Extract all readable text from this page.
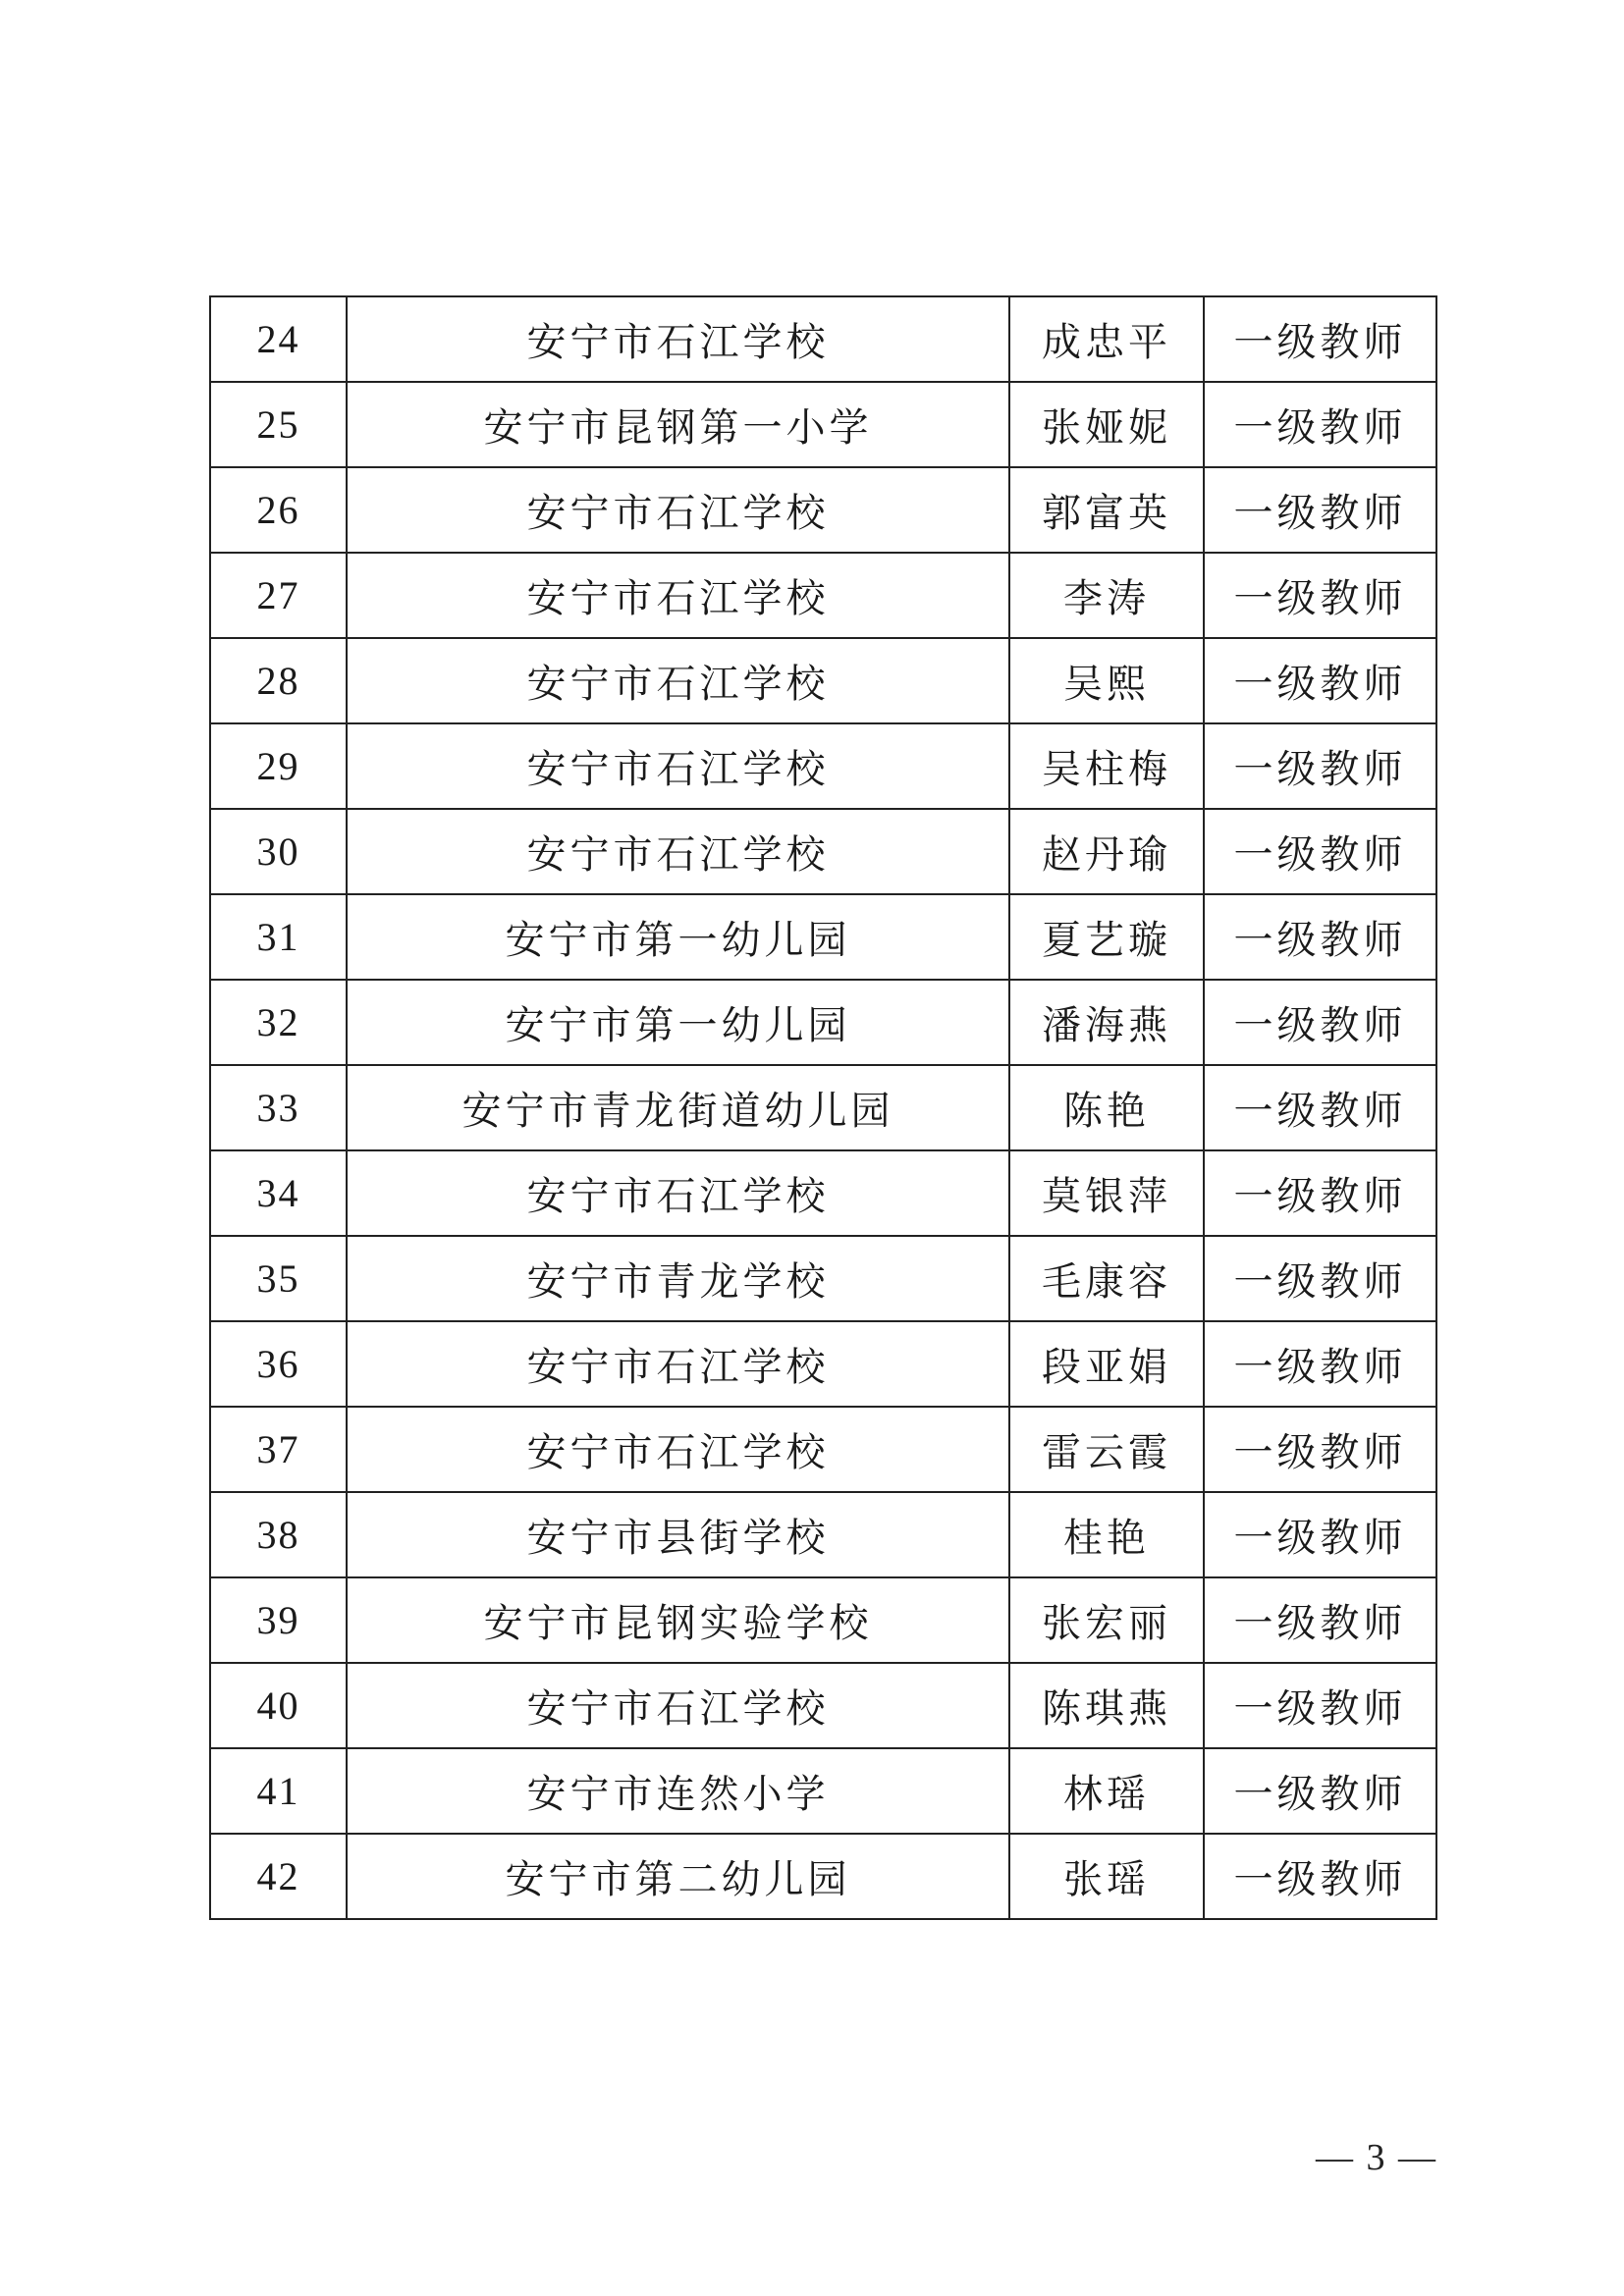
24	安宁市石江学校	成忠平	一级教师
25	安宁市昆钢第一小学	张娅妮	一级教师
26	安宁市石江学校	郭富英	一级教师
27	安宁市石江学校	李涛	一级教师
28	安宁市石江学校	吴熙	一级教师
29	安宁市石江学校	吴柱梅	一级教师
30	安宁市石江学校	赵丹瑜	一级教师
31	安宁市第一幼儿园	夏艺璇	一级教师
32	安宁市第一幼儿园	潘海燕	一级教师
33	安宁市青龙街道幼儿园	陈艳	一级教师
34	安宁市石江学校	莫银萍	一级教师
35	安宁市青龙学校	毛康容	一级教师
36	安宁市石江学校	段亚娟	一级教师
37	安宁市石江学校	雷云霞	一级教师
38	安宁市县街学校	桂艳	一级教师
39	安宁市昆钢实验学校	张宏丽	一级教师
40	安宁市石江学校	陈琪燕	一级教师
41	安宁市连然小学	林瑶	一级教师
42	安宁市第二幼儿园	张瑶	一级教师
— 3 —
